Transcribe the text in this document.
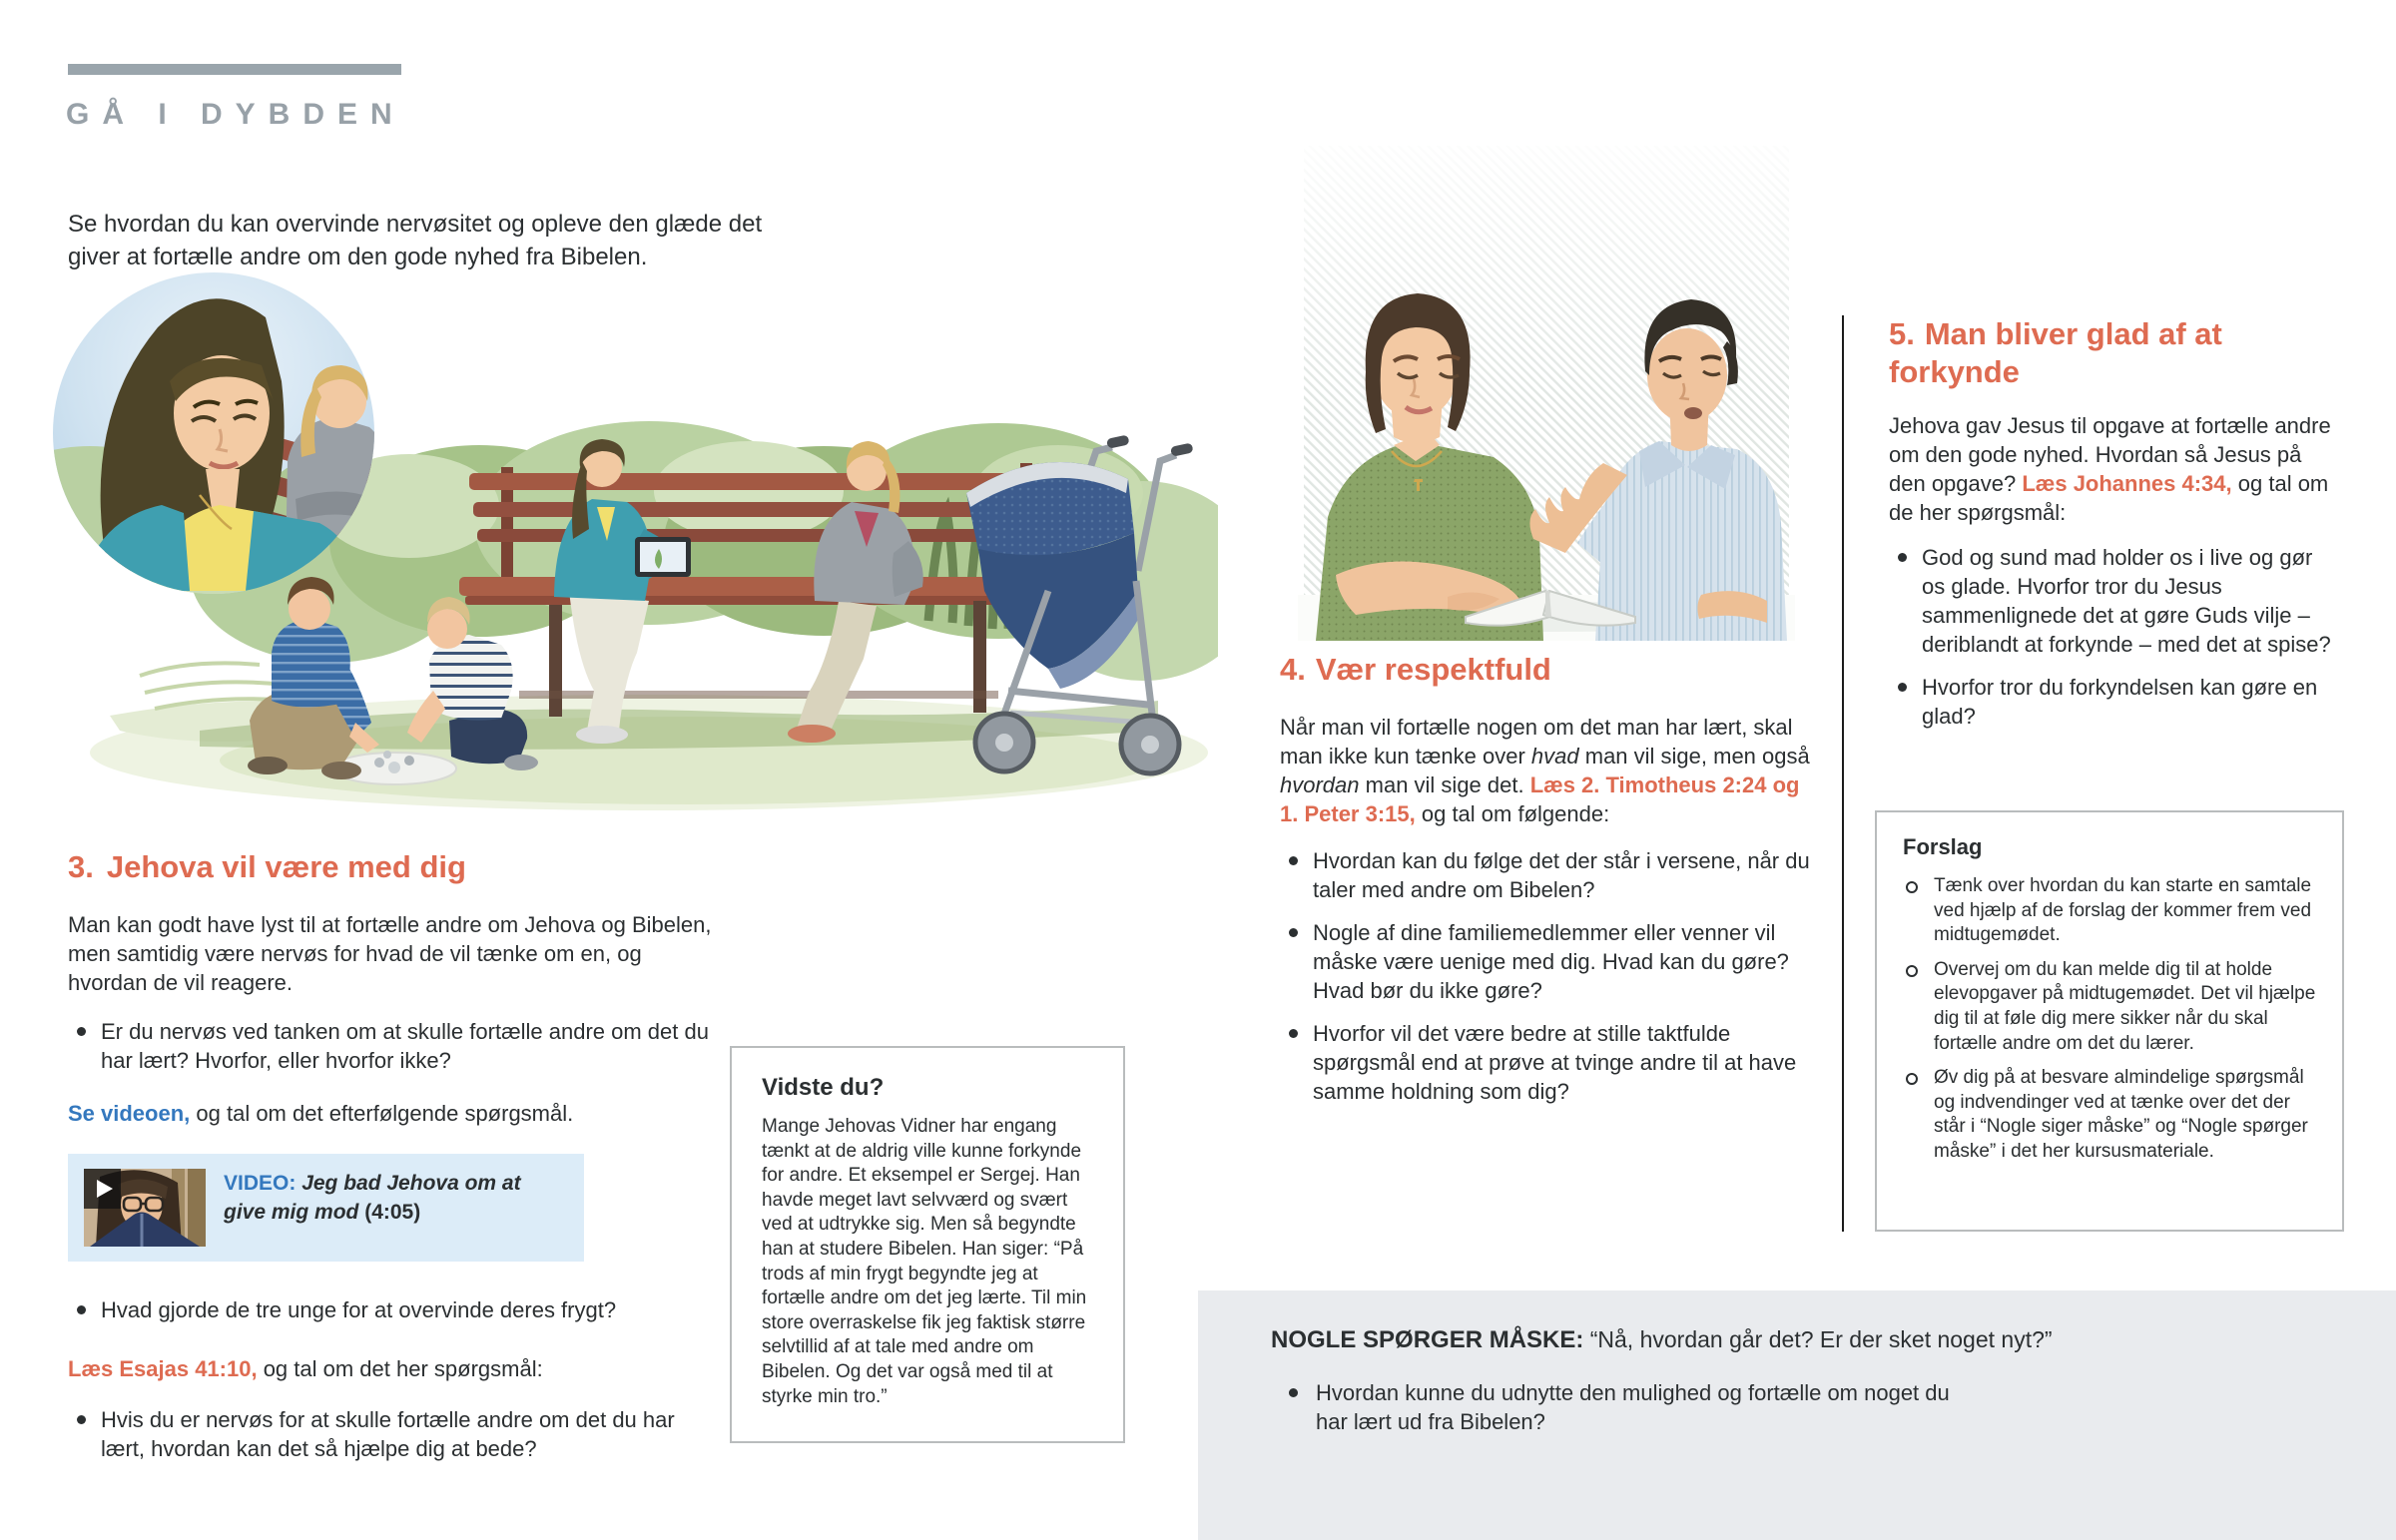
GÅ I DYBDEN

Se hvordan du kan overvinde nervøsitet og opleve den glæde det giver at fortælle andre om den gode nyhed fra Bibelen.

3. Jehova vil være med dig

Man kan godt have lyst til at fortælle andre om Jehova og Bibelen, men samtidig være nervøs for hvad de vil tænke om en, og hvordan de vil reagere.

Er du nervøs ved tanken om at skulle fortælle andre om det du har lært? Hvorfor, eller hvorfor ikke?

Se videoen, og tal om det efterfølgende spørgsmål.

VIDEO: Jeg bad Jehova om at give mig mod (4:05)
Hvad gjorde de tre unge for at overvinde deres frygt?

Læs Esajas 41:10, og tal om det her spørgsmål:

Hvis du er nervøs for at skulle fortælle andre om det du har lært, hvordan kan det så hjælpe dig at bede?
Vidste du?

Mange Jehovas Vidner har engang tænkt at de aldrig ville kunne forkynde for andre. Et eksempel er Sergej. Han havde meget lavt selvværd og svært ved at udtrykke sig. Men så begyndte han at studere Bibelen. Han siger: “På trods af min frygt begyndte jeg at fortælle andre om det jeg lærte. Til min store overraskelse fik jeg faktisk større selvtillid af at tale med andre om Bibelen. Og det var også med til at styrke min tro.”

4. Vær respektfuld

Når man vil fortælle nogen om det man har lært, skal man ikke kun tænke over hvad man vil sige, men også hvordan man vil sige det. Læs 2. Timotheus 2:24 og 1. Peter 3:15, og tal om følgende:

Hvordan kan du følge det der står i versene, når du taler med andre om Bibelen?
Nogle af dine familiemedlemmer eller venner vil måske være uenige med dig. Hvad kan du gøre? Hvad bør du ikke gøre?
Hvorfor vil det være bedre at stille taktfulde spørgsmål end at prøve at tvinge andre til at have samme holdning som dig?
5. Man bliver glad af at forkynde

Jehova gav Jesus til opgave at fortælle andre om den gode nyhed. Hvordan så Jesus på den opgave? Læs Johannes 4:34, og tal om de her spørgsmål:

God og sund mad holder os i live og gør os glade. Hvorfor tror du Jesus sammenlignede det at gøre Guds vilje – deriblandt at forkynde – med det at spise?
Hvorfor tror du forkyndelsen kan gøre en glad?
Forslag
Tænk over hvordan du kan starte en samtale ved hjælp af de forslag der kommer frem ved midtugemødet.
Overvej om du kan melde dig til at holde elevopgaver på midtugemødet. Det vil hjælpe dig til at føle dig mere sikker når du skal fortælle andre om det du lærer.
Øv dig på at besvare almindelige spørgsmål og indvendinger ved at tænke over det der står i “Nogle siger måske” og “Nogle spørger måske” i det her kursusmateriale.

NOGLE SPØRGER MÅSKE: “Nå, hvordan går det? Er der sket noget nyt?”

Hvordan kunne du udnytte den mulighed og fortælle om noget du har lært ud fra Bibelen?
